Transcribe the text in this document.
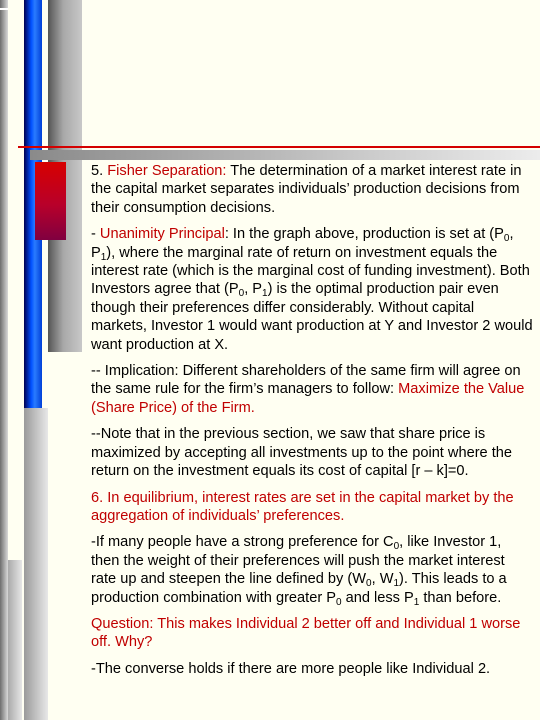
5. Fisher Separation: The determination of a market interest rate in the capital market separates individuals’ production decisions from their consumption decisions.

- Unanimity Principal: In the graph above, production is set at ($P_0$, $P_1$), where the marginal rate of return on investment equals the interest rate (which is the marginal cost of funding investment). Both Investors agree that ($P_0$, $P_1$) is the optimal production pair even though their preferences differ considerably. Without capital markets, Investor 1 would want production at Y and Investor 2 would want production at X.

-- Implication: Different shareholders of the same firm will agree on the same rule for the firm’s managers to follow: Maximize the Value (Share Price) of the Firm.

--Note that in the previous section, we saw that share price is maximized by accepting all investments up to the point where the return on the investment equals its cost of capital [r – k]=0.

6. In equilibrium, interest rates are set in the capital market by the aggregation of individuals’ preferences.

-If many people have a strong preference for $C_0$, like Investor 1, then the weight of their preferences will push the market interest rate up and steepen the line defined by ($W_0$, $W_1$). This leads to a production combination with greater $P_0$ and less $P_1$ than before.

Question: This makes Individual 2 better off and Individual 1 worse off. Why?

-The converse holds if there are more people like Individual 2.
